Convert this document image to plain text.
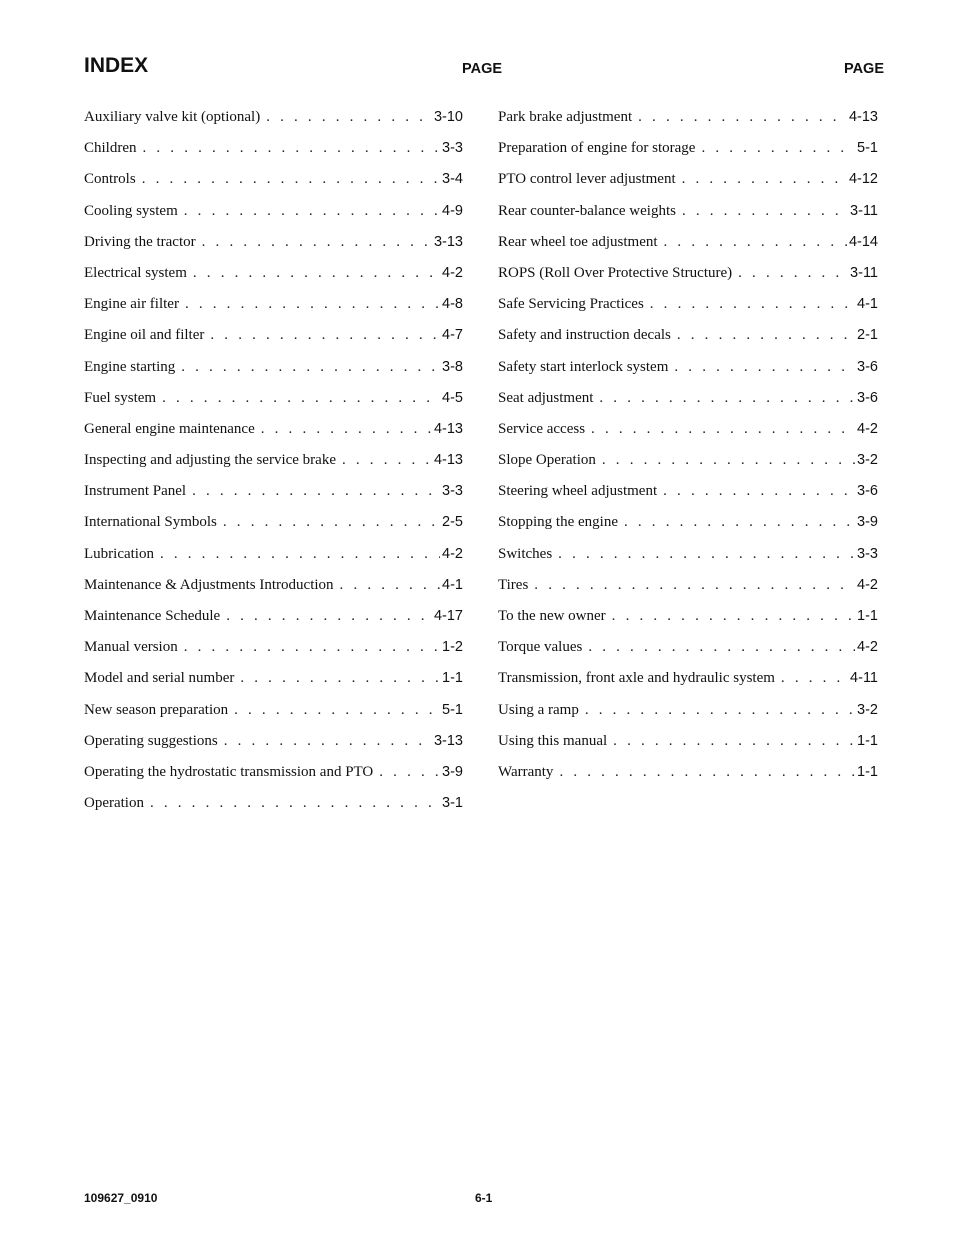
INDEX	PAGE	PAGE
Auxiliary valve kit (optional) . . .	3-10
Children . . .	3-3
Controls . . .	3-4
Cooling system . . .	4-9
Driving the tractor . . .	3-13
Electrical system . . .	4-2
Engine air filter . . .	4-8
Engine oil and filter . . .	4-7
Engine starting . . .	3-8
Fuel system . . .	4-5
General engine maintenance . . .	4-13
Inspecting and adjusting the service brake . . .	4-13
Instrument Panel . . .	3-3
International Symbols . . .	2-5
Lubrication . . .	4-2
Maintenance & Adjustments Introduction . . .	4-1
Maintenance Schedule . . .	4-17
Manual version . . .	1-2
Model and serial number . . .	1-1
New season preparation . . .	5-1
Operating suggestions . . .	3-13
Operating the hydrostatic transmission and PTO . . .	3-9
Operation . . .	3-1
Park brake adjustment . . .	4-13
Preparation of engine for storage . . .	5-1
PTO control lever adjustment . . .	4-12
Rear counter-balance weights . . .	3-11
Rear wheel toe adjustment . . .	4-14
ROPS (Roll Over Protective Structure) . . .	3-11
Safe Servicing Practices . . .	4-1
Safety and instruction decals . . .	2-1
Safety start interlock system . . .	3-6
Seat adjustment . . .	3-6
Service access . . .	4-2
Slope Operation . . .	3-2
Steering wheel adjustment . . .	3-6
Stopping the engine . . .	3-9
Switches . . .	3-3
Tires . . .	4-2
To the new owner . . .	1-1
Torque values . . .	4-2
Transmission, front axle and hydraulic system . . .	4-11
Using a ramp . . .	3-2
Using this manual . . .	1-1
Warranty . . .	1-1
109627_0910	6-1
